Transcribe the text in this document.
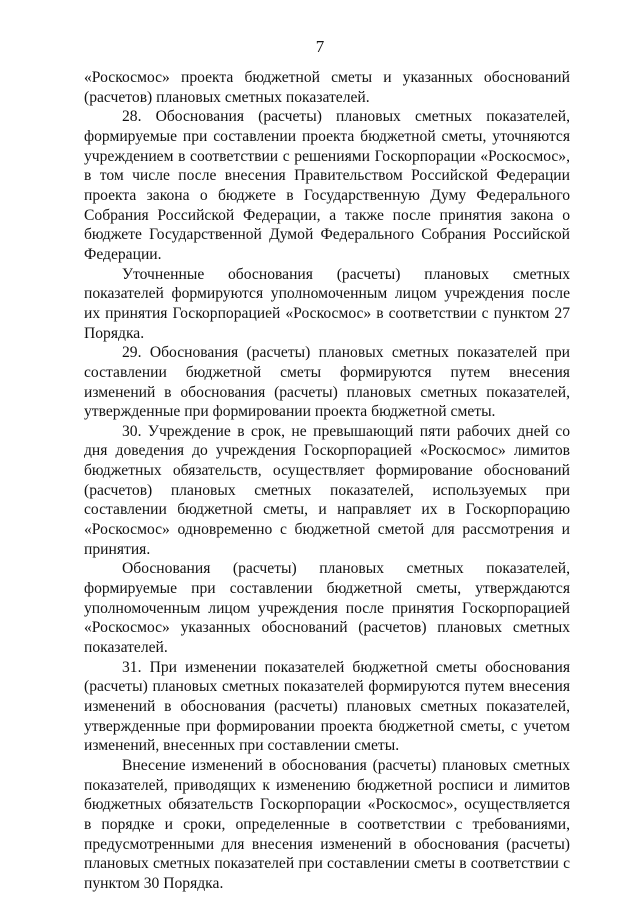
7

«Роскосмос» проекта бюджетной сметы и указанных обоснований (расчетов) плановых сметных показателей.

28. Обоснования (расчеты) плановых сметных показателей, формируемые при составлении проекта бюджетной сметы, уточняются учреждением в соответствии с решениями Госкорпорации «Роскосмос», в том числе после внесения Правительством Российской Федерации проекта закона о бюджете в Государственную Думу Федерального Собрания Российской Федерации, а также после принятия закона о бюджете Государственной Думой Федерального Собрания Российской Федерации.

Уточненные обоснования (расчеты) плановых сметных показателей формируются уполномоченным лицом учреждения после их принятия Госкорпорацией «Роскосмос» в соответствии с пунктом 27 Порядка.

29. Обоснования (расчеты) плановых сметных показателей при составлении бюджетной сметы формируются путем внесения изменений в обоснования (расчеты) плановых сметных показателей, утвержденные при формировании проекта бюджетной сметы.

30. Учреждение в срок, не превышающий пяти рабочих дней со дня доведения до учреждения Госкорпорацией «Роскосмос» лимитов бюджетных обязательств, осуществляет формирование обоснований (расчетов) плановых сметных показателей, используемых при составлении бюджетной сметы, и направляет их в Госкорпорацию «Роскосмос» одновременно с бюджетной сметой для рассмотрения и принятия.

Обоснования (расчеты) плановых сметных показателей, формируемые при составлении бюджетной сметы, утверждаются уполномоченным лицом учреждения после принятия Госкорпорацией «Роскосмос» указанных обоснований (расчетов) плановых сметных показателей.

31. При изменении показателей бюджетной сметы обоснования (расчеты) плановых сметных показателей формируются путем внесения изменений в обоснования (расчеты) плановых сметных показателей, утвержденные при формировании проекта бюджетной сметы, с учетом изменений, внесенных при составлении сметы.

Внесение изменений в обоснования (расчеты) плановых сметных показателей, приводящих к изменению бюджетной росписи и лимитов бюджетных обязательств Госкорпорации «Роскосмос», осуществляется в порядке и сроки, определенные в соответствии с требованиями, предусмотренными для внесения изменений в обоснования (расчеты) плановых сметных показателей при составлении сметы в соответствии с пунктом 30 Порядка.
